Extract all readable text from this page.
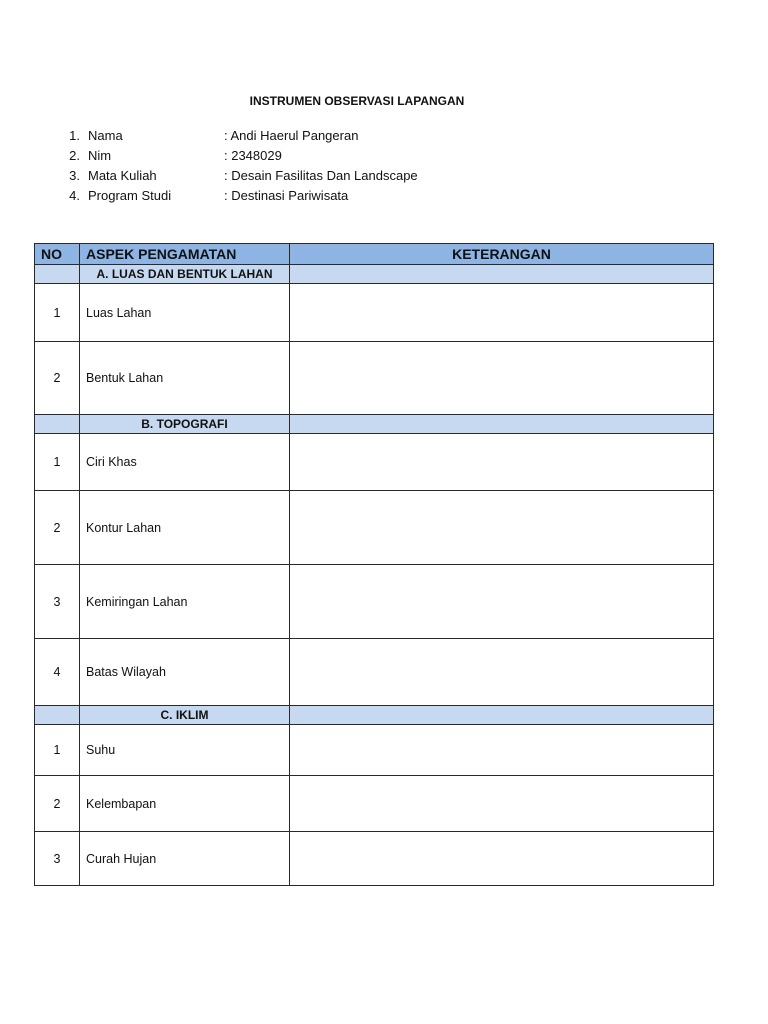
INSTRUMEN OBSERVASI LAPANGAN
1. Nama	: Andi Haerul Pangeran
2. Nim	: 2348029
3. Mata Kuliah	: Desain Fasilitas Dan Landscape
4. Program Studi	: Destinasi Pariwisata
NO	ASPEK PENGAMATAN	KETERANGAN
	A. LUAS DAN BENTUK LAHAN	
1	Luas Lahan	
2	Bentuk Lahan	
	B. TOPOGRAFI	
1	Ciri Khas	
2	Kontur Lahan	
3	Kemiringan Lahan	
4	Batas Wilayah	
	C. IKLIM	
1	Suhu	
2	Kelembapan	
3	Curah Hujan	
